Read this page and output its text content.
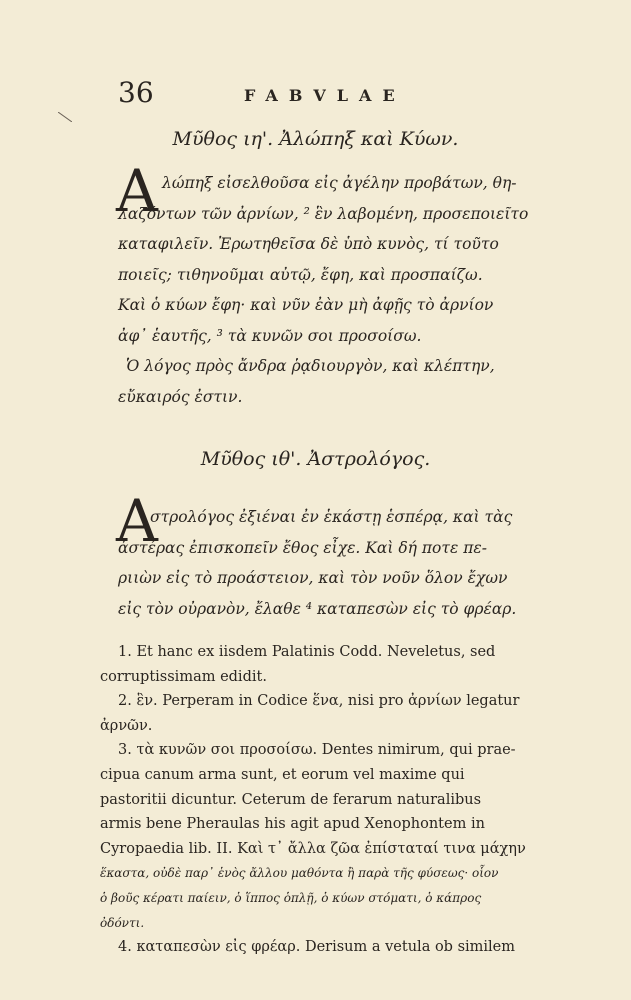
36	FABVLAE
Μῦθος ιη'. Ἀλώπηξ καὶ Κύων.
Α λώπηξ εἰσελθοῦσα εἰς ἀγέλην προβάτων, θη-
λαζόντων τῶν ἀρνίων, ² ἓν λαβομένη, προσεποιεῖτο
καταφιλεῖν. Ἐρωτηθεῖσα δὲ ὑπὸ κυνὸς, τί τοῦτο
ποιεῖς; τιθηνοῦμαι αὐτῷ, ἔφη, καὶ προσπαίζω.
Καὶ ὁ κύων ἔφη· καὶ νῦν ἐὰν μὴ ἀφῇς τὸ ἀρνίον
ἀφ᾽ ἑαυτῆς, ³ τὰ κυνῶν σοι προσοίσω.
Ὁ λόγος πρὸς ἄνδρα ῥᾳδιουργὸν, καὶ κλέπτην,
εὔκαιρός ἐστιν.
Μῦθος ιθ'. Ἀστρολόγος.
Α
στρολόγος ἐξιέναι ἐν ἑκάστῃ ἑσπέρᾳ, καὶ τὰς
ἀστέρας ἐπισκοπεῖν ἔθος εἶχε. Καὶ δή ποτε πε-
ριιὼν εἰς τὸ προάστειον, καὶ τὸν νοῦν ὅλον ἔχων
εἰς τὸν οὐρανὸν, ἔλαθε ⁴ καταπεσὼν εἰς τὸ φρέαρ.
1. Et hanc ex iisdem Palatinis Codd. Neveletus, sed
corruptissimam edidit.
2. ἓν. Perperam in Codice ἕνα, nisi pro ἀρνίων legatur
ἀρνῶν.
3. τὰ κυνῶν σοι προσοίσω. Dentes nimirum, qui prae-
cipua canum arma sunt, et eorum vel maxime qui
pastoritii dicuntur. Ceterum de ferarum naturalibus
armis bene Pheraulas his agit apud Xenophontem in
Cyropaedia lib. II. Καὶ τ᾽ ἄλλα ζῶα ἐπίσταταί τινα μάχην
ἕκαστα, οὐδὲ παρ᾽ ἑνὸς ἄλλου μαθόντα ἢ παρὰ τῆς φύσεως· οἷον
ὁ βοῦς κέρατι παίειν, ὁ ἵππος ὁπλῇ, ὁ κύων στόματι, ὁ κάπρος
ὀδόντι.
4. καταπεσὼν εἰς φρέαρ. Derisum a vetula ob similem
